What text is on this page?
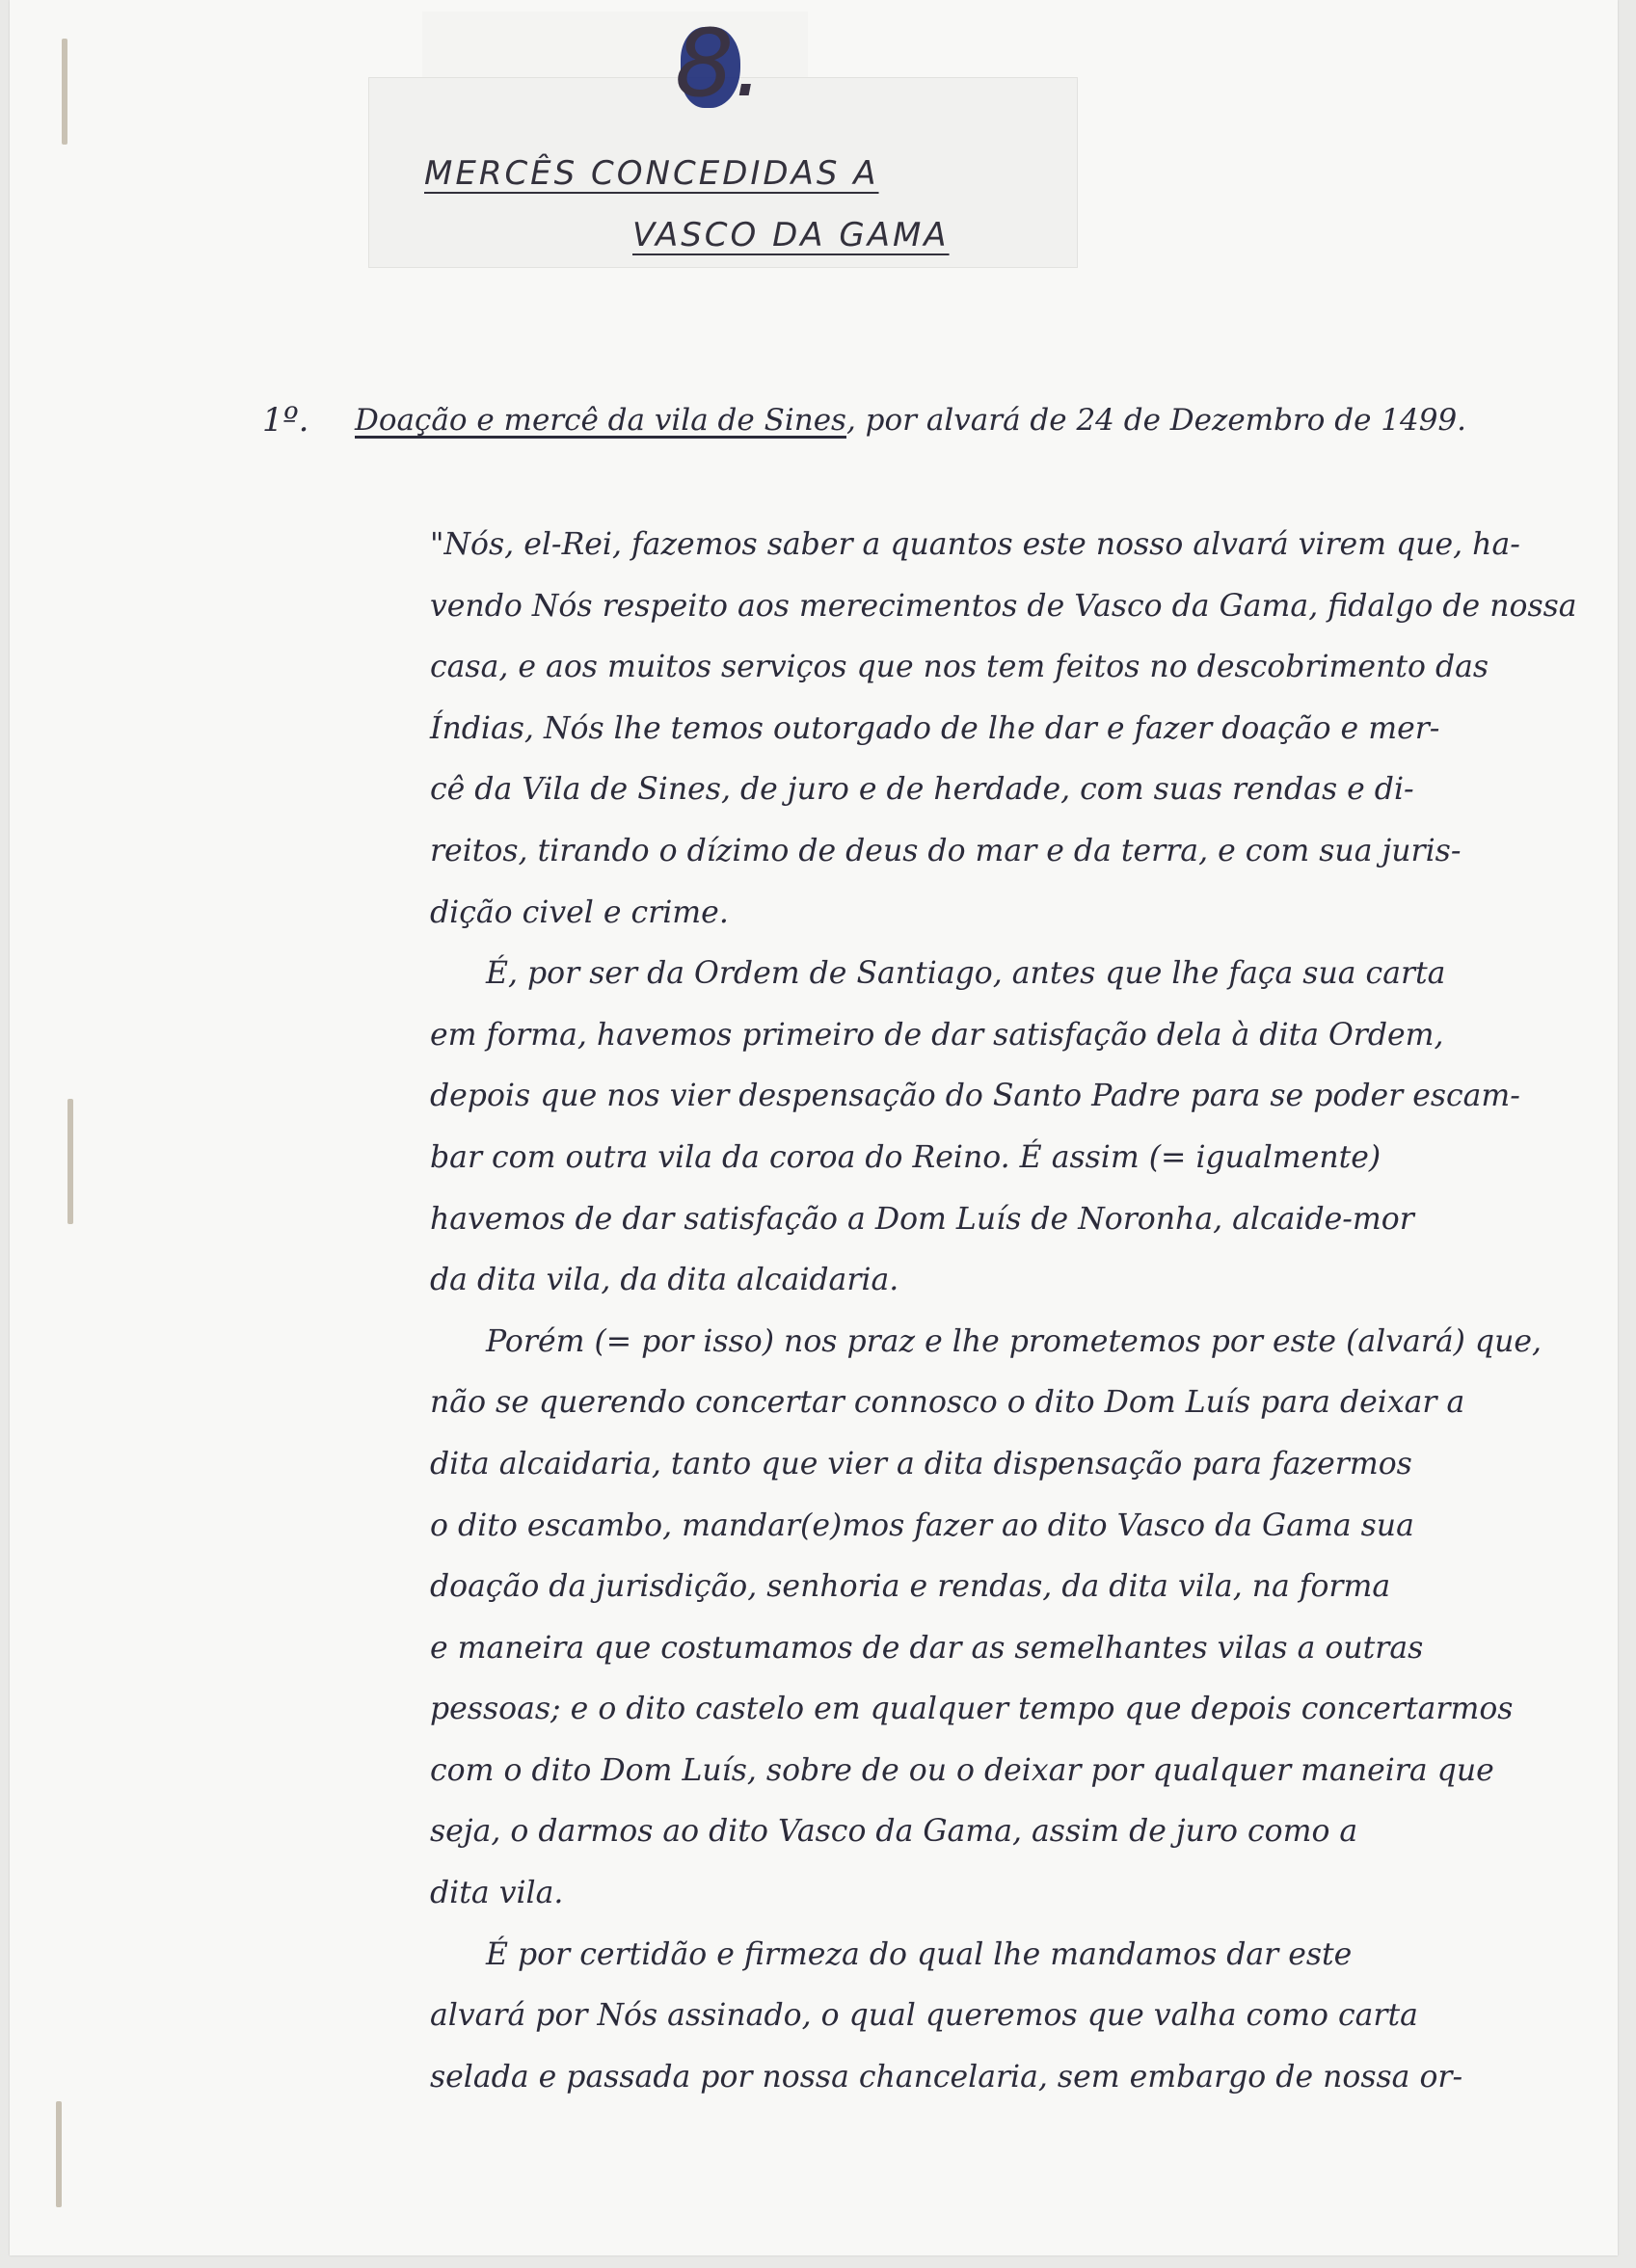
8.
MERCÊS CONCEDIDAS A
VASCO DA GAMA
1º. Doação e mercê da vila de Sines, por alvará de 24 de Dezembro de 1499.
"Nós, el-Rei, fazemos saber a quantos este nosso alvará virem que, ha-
vendo Nós respeito aos merecimentos de Vasco da Gama, fidalgo de nossa
casa, e aos muitos serviços que nos tem feitos no descobrimento das
Índias, Nós lhe temos outorgado de lhe dar e fazer doação e mer-
cê da Vila de Sines, de juro e de herdade, com suas rendas e di-
reitos, tirando o dízimo de deus do mar e da terra, e com sua juris-
dição civel e crime.
É, por ser da Ordem de Santiago, antes que lhe faça sua carta
em forma, havemos primeiro de dar satisfação dela à dita Ordem,
depois que nos vier despensação do Santo Padre para se poder escam-
bar com outra vila da coroa do Reino. É assim (= igualmente)
havemos de dar satisfação a Dom Luís de Noronha, alcaide-mor
da dita vila, da dita alcaidaria.
Porém (= por isso) nos praz e lhe prometemos por este (alvará) que,
não se querendo concertar connosco o dito Dom Luís para deixar a
dita alcaidaria, tanto que vier a dita dispensação para fazermos
o dito escambo, mandar(e)mos fazer ao dito Vasco da Gama sua
doação da jurisdição, senhoria e rendas, da dita vila, na forma
e maneira que costumamos de dar as semelhantes vilas a outras
pessoas; e o dito castelo em qualquer tempo que depois concertarmos
com o dito Dom Luís, sobre de ou o deixar por qualquer maneira que
seja, o darmos ao dito Vasco da Gama, assim de juro como a
dita vila.
É por certidão e firmeza do qual lhe mandamos dar este
alvará por Nós assinado, o qual queremos que valha como carta
selada e passada por nossa chancelaria, sem embargo de nossa or-
